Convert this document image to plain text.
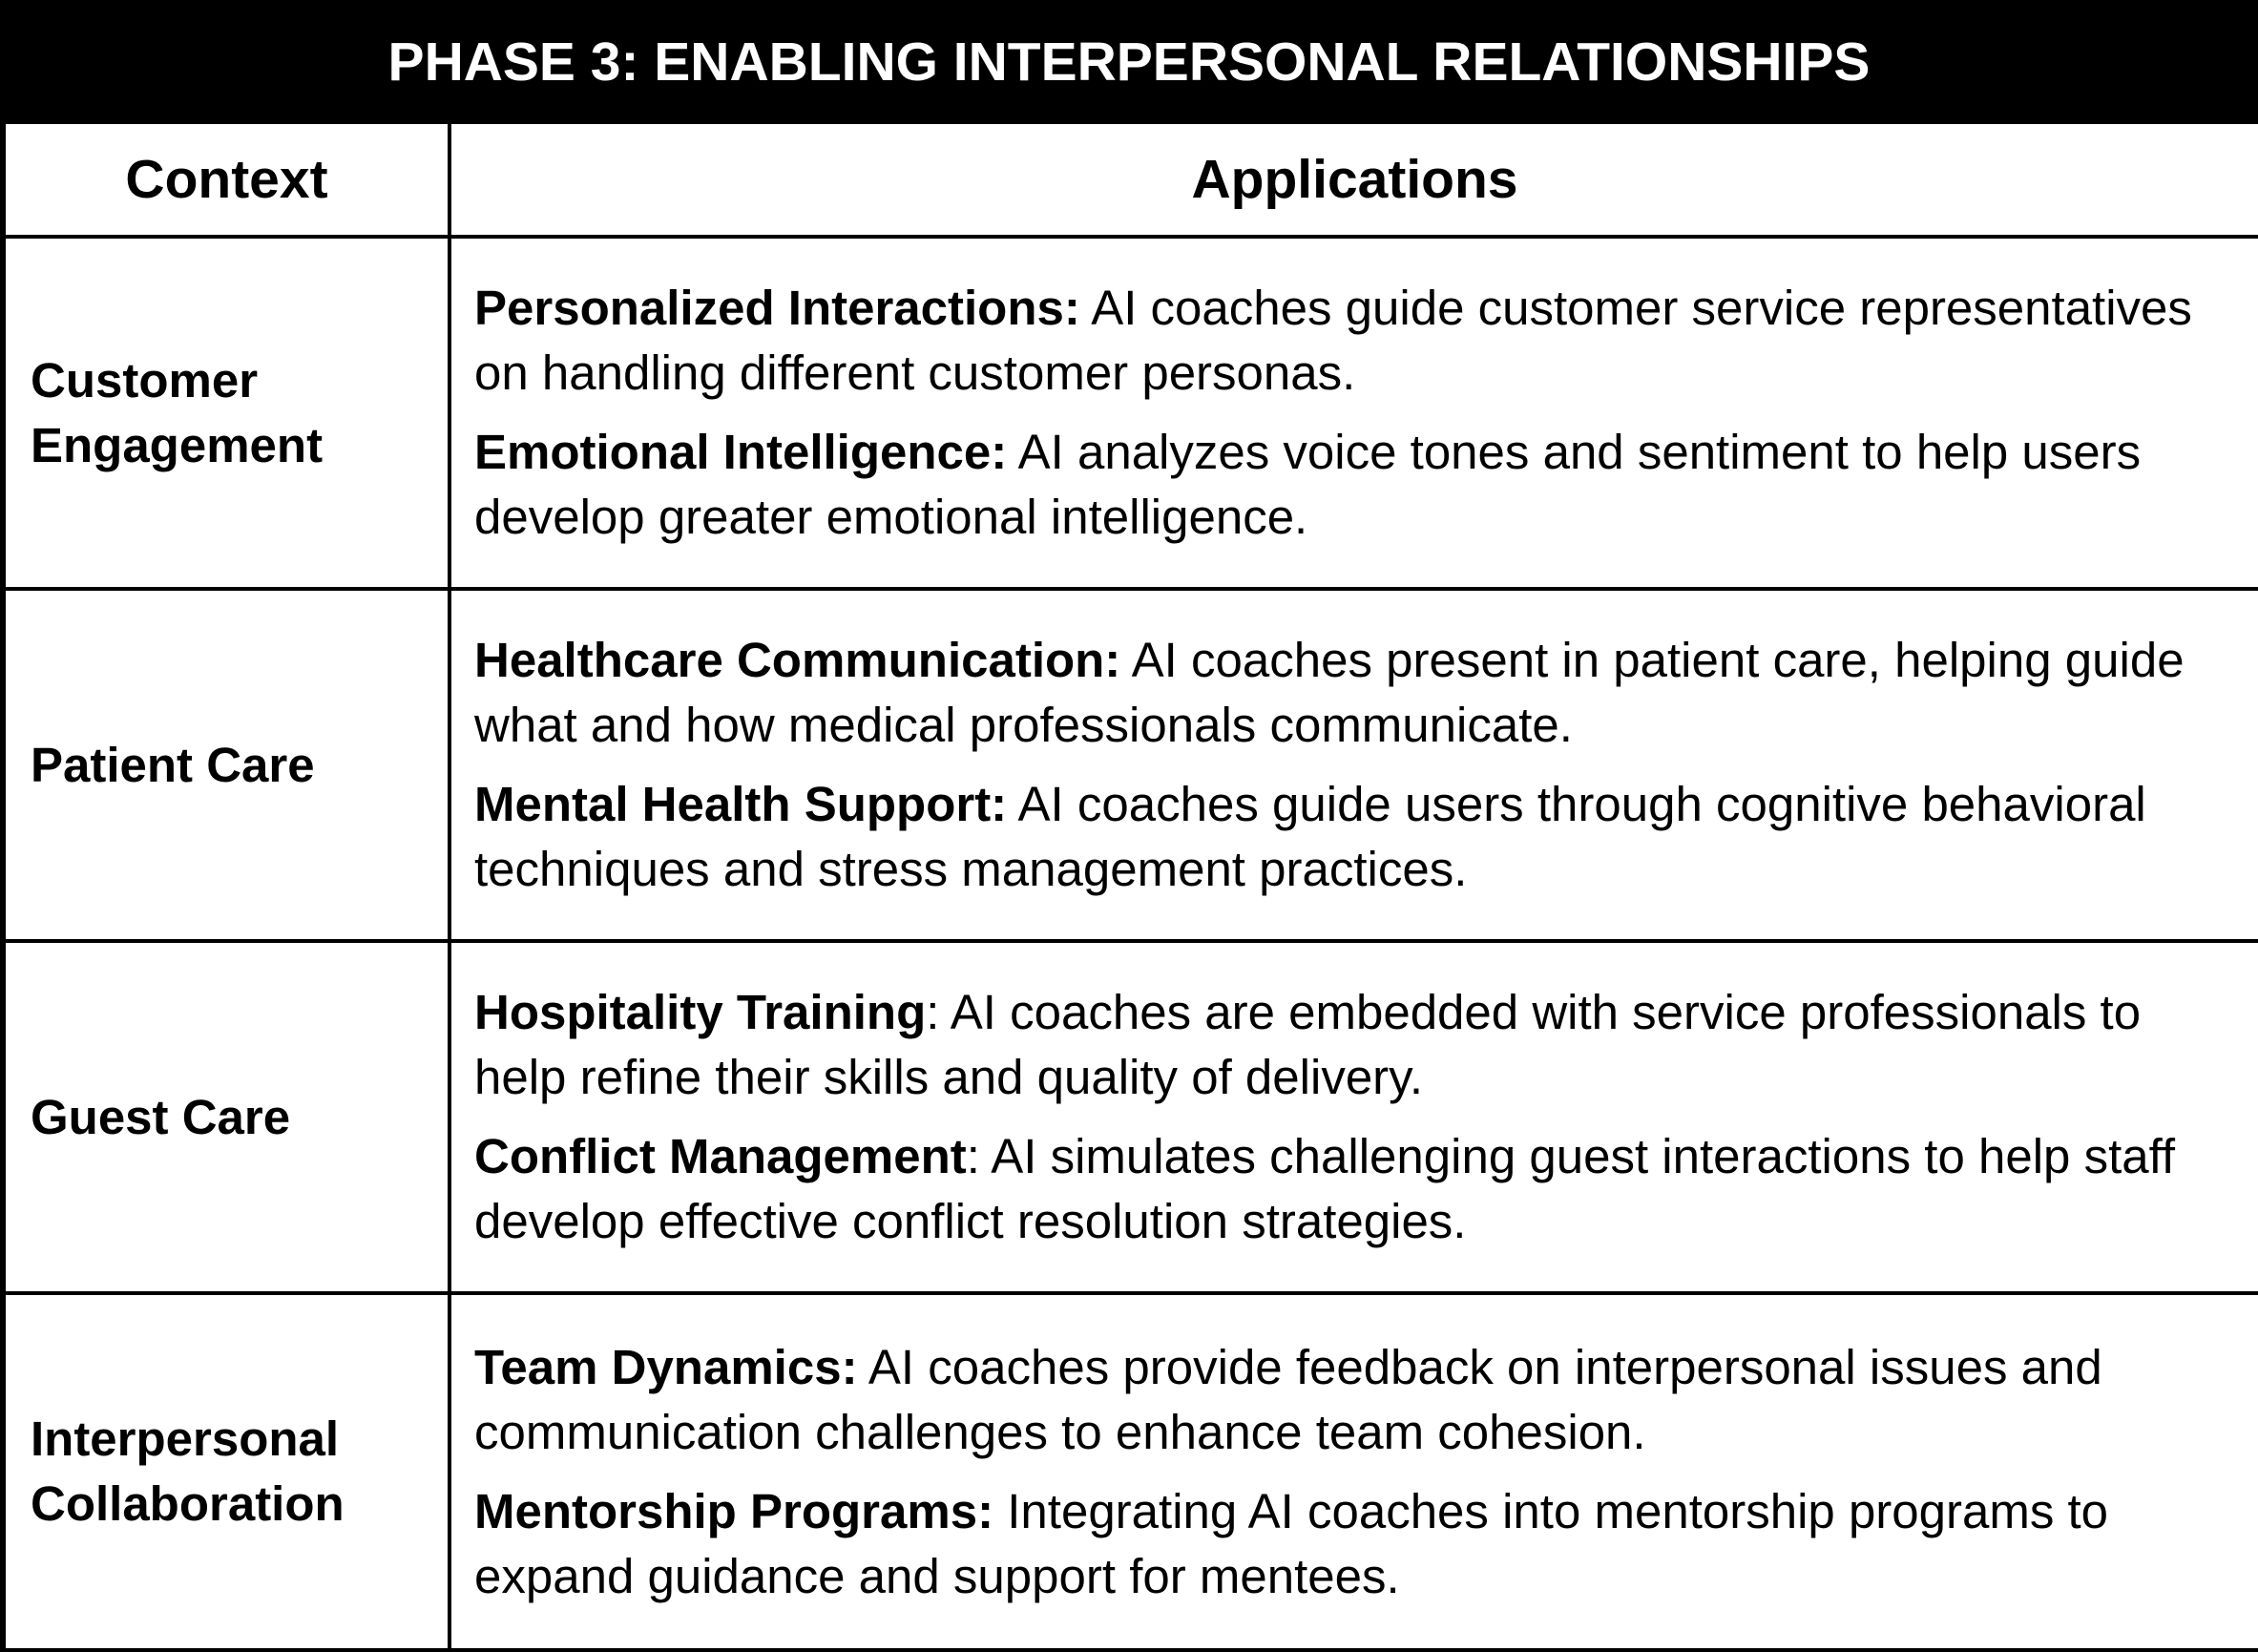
PHASE 3: ENABLING INTERPERSONAL RELATIONSHIPS
Context	Applications
Customer Engagement	Personalized Interactions: AI coaches guide customer service representatives on handling different customer personas.

Emotional Intelligence: AI analyzes voice tones and sentiment to help users develop greater emotional intelligence.

Patient Care	Healthcare Communication: AI coaches present in patient care, helping guide what and how medical professionals communicate.

Mental Health Support: AI coaches guide users through cognitive behavioral techniques and stress management practices.

Guest Care	Hospitality Training: AI coaches are embedded with service professionals to help refine their skills and quality of delivery.

Conflict Management: AI simulates challenging guest interactions to help staff develop effective conflict resolution strategies.

Interpersonal Collaboration	Team Dynamics: AI coaches provide feedback on interpersonal issues and communication challenges to enhance team cohesion.

Mentorship Programs: Integrating AI coaches into mentorship programs to expand guidance and support for mentees.
